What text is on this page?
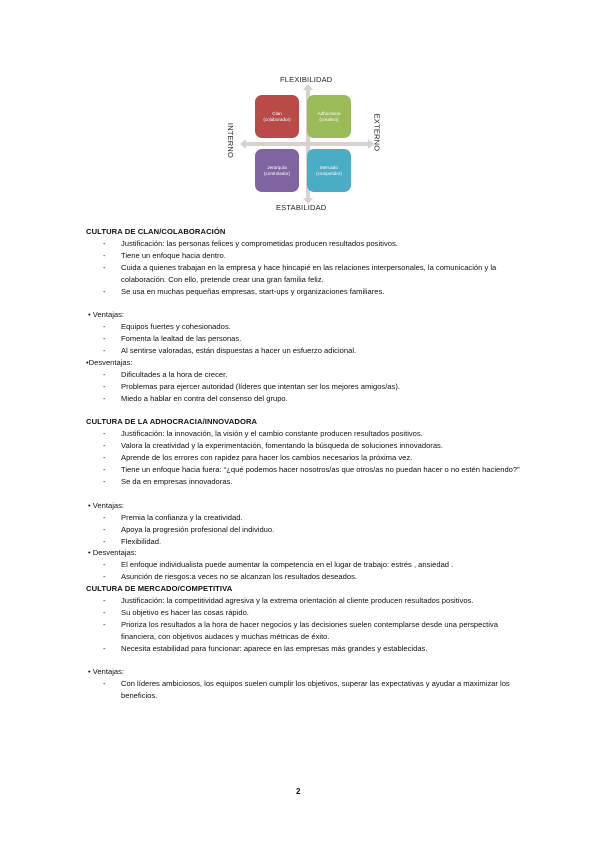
FLEXIBILIDAD
ESTABILIDAD
INTERNO	EXTERNO
Clan
(colaborador)
Adhocracia
(creativo)
Jerarquía
(controlador)
Mercado
(competidor)
CULTURA DE CLAN/COLABORACIÓN
- Justificación: las personas felices y comprometidas producen resultados positivos.
- Tiene un enfoque hacia dentro.
- Cuida a quienes trabajan en la empresa y hace hincapié en las relaciones interpersonales, la comunicación y la colaboración. Con ello, pretende crear una gran familia feliz.
- Se usa en muchas pequeñas empresas, start-ups y organizaciones familiares.
• Ventajas:
- Equipos fuertes y cohesionados.
- Fomenta la lealtad de las personas.
- Al sentirse valoradas, están dispuestas a hacer un esfuerzo adicional.
•Desventajas:
- Dificultades a la hora de crecer.
- Problemas para ejercer autoridad (líderes que intentan ser los mejores amigos/as).
- Miedo a hablar en contra del consenso del grupo.
CULTURA DE LA ADHOCRACIA/INNOVADORA
- Justificación: la innovación, la visión y el cambio constante producen resultados positivos.
- Valora la creatividad y la experimentación, fomentando la búsqueda de soluciones innovadoras.
- Aprende de los errores con rapidez para hacer los cambios necesarios la próxima vez.
- Tiene un enfoque hacia fuera: “¿qué podemos hacer nosotros/as que otros/as no puedan hacer o no estén haciendo?”
- Se da en empresas innovadoras.
• Ventajas:
- Premia la confianza y la creatividad.
- Apoya la progresión profesional del individuo.
- Flexibilidad.
• Desventajas:
- El enfoque individualista puede aumentar la competencia en el lugar de trabajo: estrés , ansiedad .
- Asunción de riesgos:a veces no se alcanzan los resultados deseados.
CULTURA DE MERCADO/COMPETITIVA
- Justificación: la competitividad agresiva y la extrema orientación al cliente producen resultados positivos.
- Su objetivo es hacer las cosas rápido.
- Prioriza los resultados a la hora de hacer negocios y las decisiones suelen contemplarse desde una perspectiva financiera, con objetivos audaces y muchas métricas de éxito.
- Necesita estabilidad para funcionar: aparece en las empresas más grandes y establecidas.
• Ventajas:
- Con líderes ambiciosos, los equipos suelen cumplir los objetivos, superar las expectativas y ayudar a maximizar los beneficios.
2
